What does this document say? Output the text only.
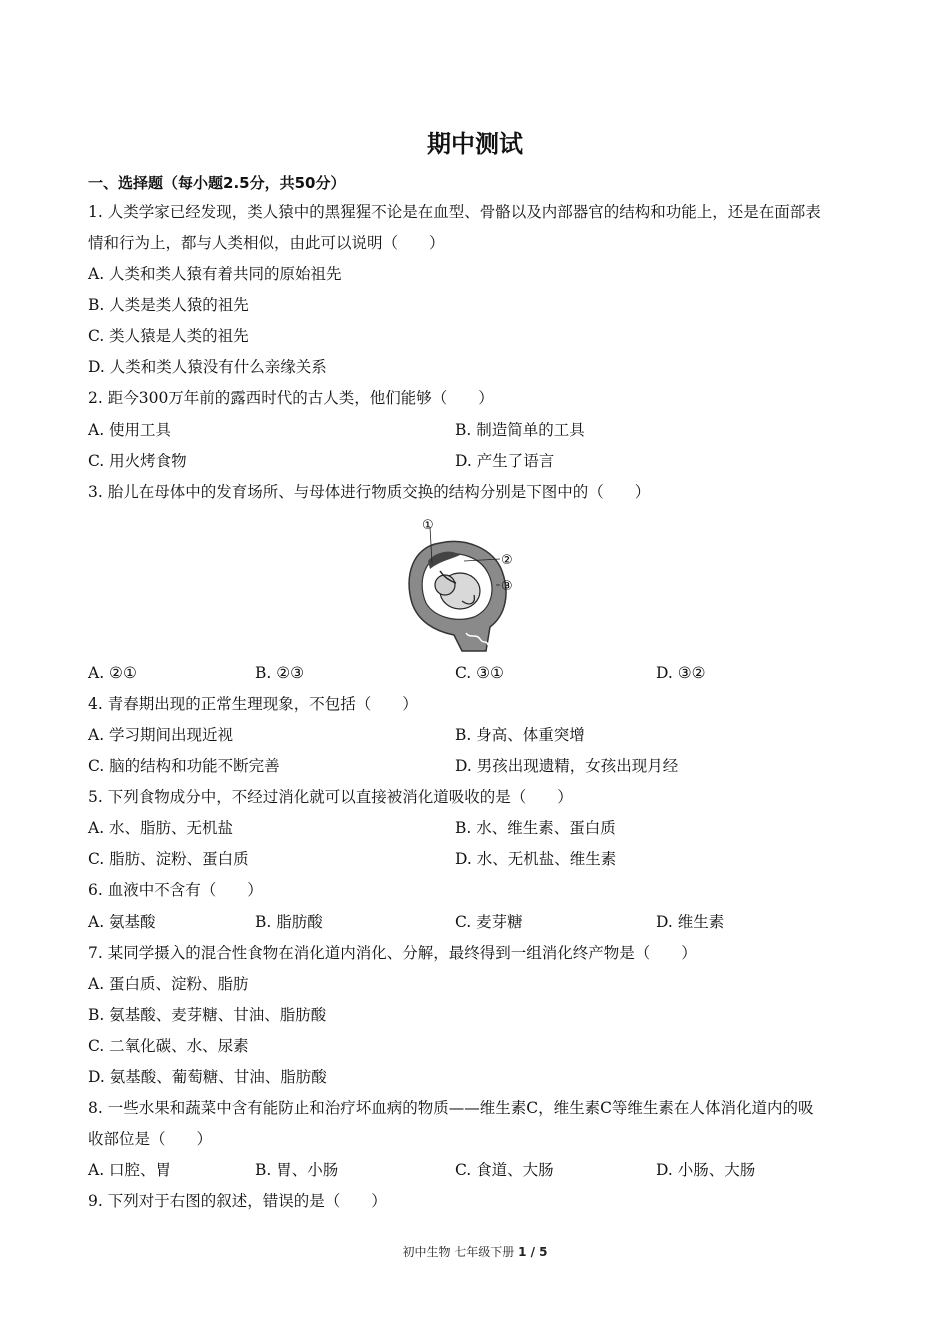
期中测试
一、选择题（每小题2.5分，共50分）
1. 人类学家已经发现，类人猿中的黑猩猩不论是在血型、骨骼以及内部器官的结构和功能上，还是在面部表
情和行为上，都与人类相似，由此可以说明（　　）
A. 人类和类人猿有着共同的原始祖先
B. 人类是类人猿的祖先
C. 类人猿是人类的祖先
D. 人类和类人猿没有什么亲缘关系
2. 距今300万年前的露西时代的古人类，他们能够（　　）
A. 使用工具	B. 制造简单的工具
C. 用火烤食物	D. 产生了语言
3. 胎儿在母体中的发育场所、与母体进行物质交换的结构分别是下图中的（　　）
①
②
③
A. ②①	B. ②③	C. ③①	D. ③②
4. 青春期出现的正常生理现象，不包括（　　）
A. 学习期间出现近视	B. 身高、体重突增
C. 脑的结构和功能不断完善	D. 男孩出现遗精，女孩出现月经
5. 下列食物成分中，不经过消化就可以直接被消化道吸收的是（　　）
A. 水、脂肪、无机盐	B. 水、维生素、蛋白质
C. 脂肪、淀粉、蛋白质	D. 水、无机盐、维生素
6. 血液中不含有（　　）
A. 氨基酸	B. 脂肪酸	C. 麦芽糖	D. 维生素
7. 某同学摄入的混合性食物在消化道内消化、分解，最终得到一组消化终产物是（　　）
A. 蛋白质、淀粉、脂肪
B. 氨基酸、麦芽糖、甘油、脂肪酸
C. 二氧化碳、水、尿素
D. 氨基酸、葡萄糖、甘油、脂肪酸
8. 一些水果和蔬菜中含有能防止和治疗坏血病的物质——维生素C，维生素C等维生素在人体消化道内的吸
收部位是（　　）
A. 口腔、胃	B. 胃、小肠	C. 食道、大肠	D. 小肠、大肠
9. 下列对于右图的叙述，错误的是（　　）
初中生物 七年级下册 1 / 5
